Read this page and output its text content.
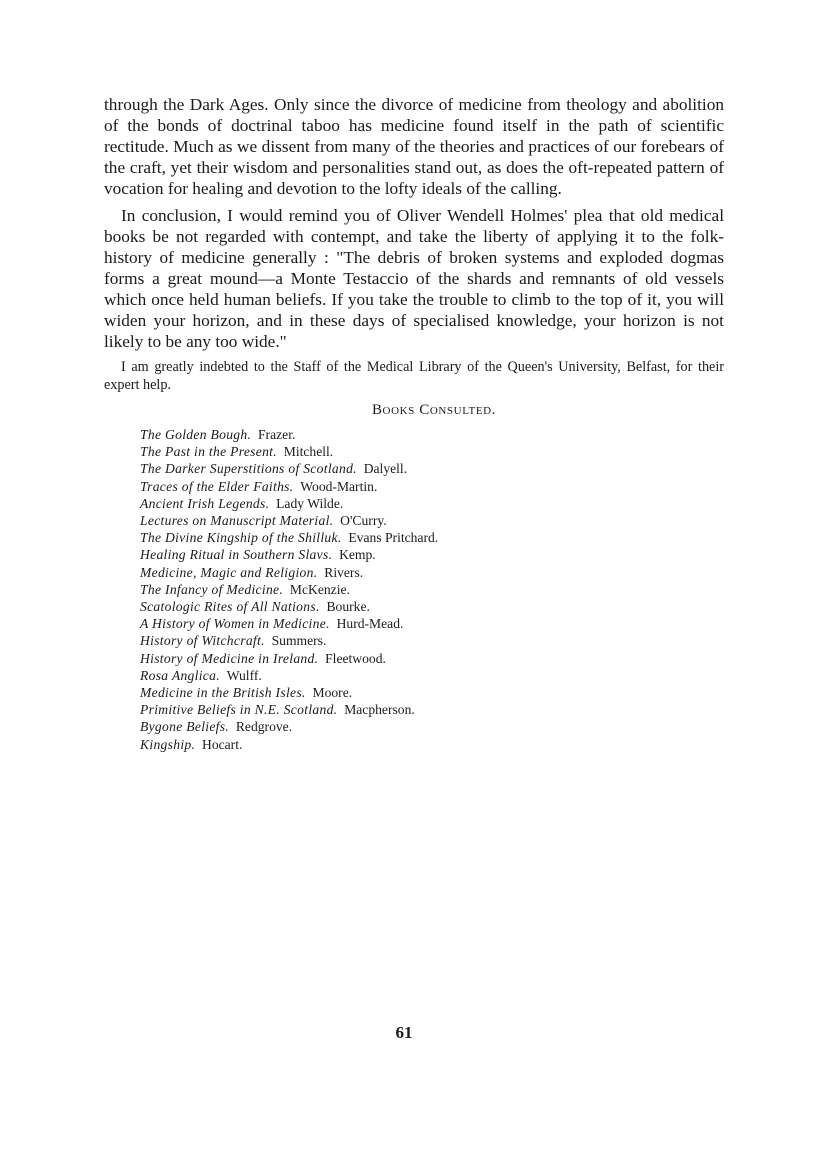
through the Dark Ages. Only since the divorce of medicine from theology and abolition of the bonds of doctrinal taboo has medicine found itself in the path of scientific rectitude. Much as we dissent from many of the theories and practices of our forebears of the craft, yet their wisdom and personalities stand out, as does the oft-repeated pattern of vocation for healing and devotion to the lofty ideals of the calling.

In conclusion, I would remind you of Oliver Wendell Holmes' plea that old medical books be not regarded with contempt, and take the liberty of applying it to the folk-history of medicine generally : "The debris of broken systems and exploded dogmas forms a great mound—a Monte Testaccio of the shards and remnants of old vessels which once held human beliefs. If you take the trouble to climb to the top of it, you will widen your horizon, and in these days of specialised knowledge, your horizon is not likely to be any too wide."

I am greatly indebted to the Staff of the Medical Library of the Queen's University, Belfast, for their expert help.

Books Consulted.
The Golden Bough. Frazer.
The Past in the Present. Mitchell.
The Darker Superstitions of Scotland. Dalyell.
Traces of the Elder Faiths. Wood-Martin.
Ancient Irish Legends. Lady Wilde.
Lectures on Manuscript Material. O'Curry.
The Divine Kingship of the Shilluk. Evans Pritchard.
Healing Ritual in Southern Slavs. Kemp.
Medicine, Magic and Religion. Rivers.
The Infancy of Medicine. McKenzie.
Scatologic Rites of All Nations. Bourke.
A History of Women in Medicine. Hurd-Mead.
History of Witchcraft. Summers.
History of Medicine in Ireland. Fleetwood.
Rosa Anglica. Wulff.
Medicine in the British Isles. Moore.
Primitive Beliefs in N.E. Scotland. Macpherson.
Bygone Beliefs. Redgrove.
Kingship. Hocart.
61
